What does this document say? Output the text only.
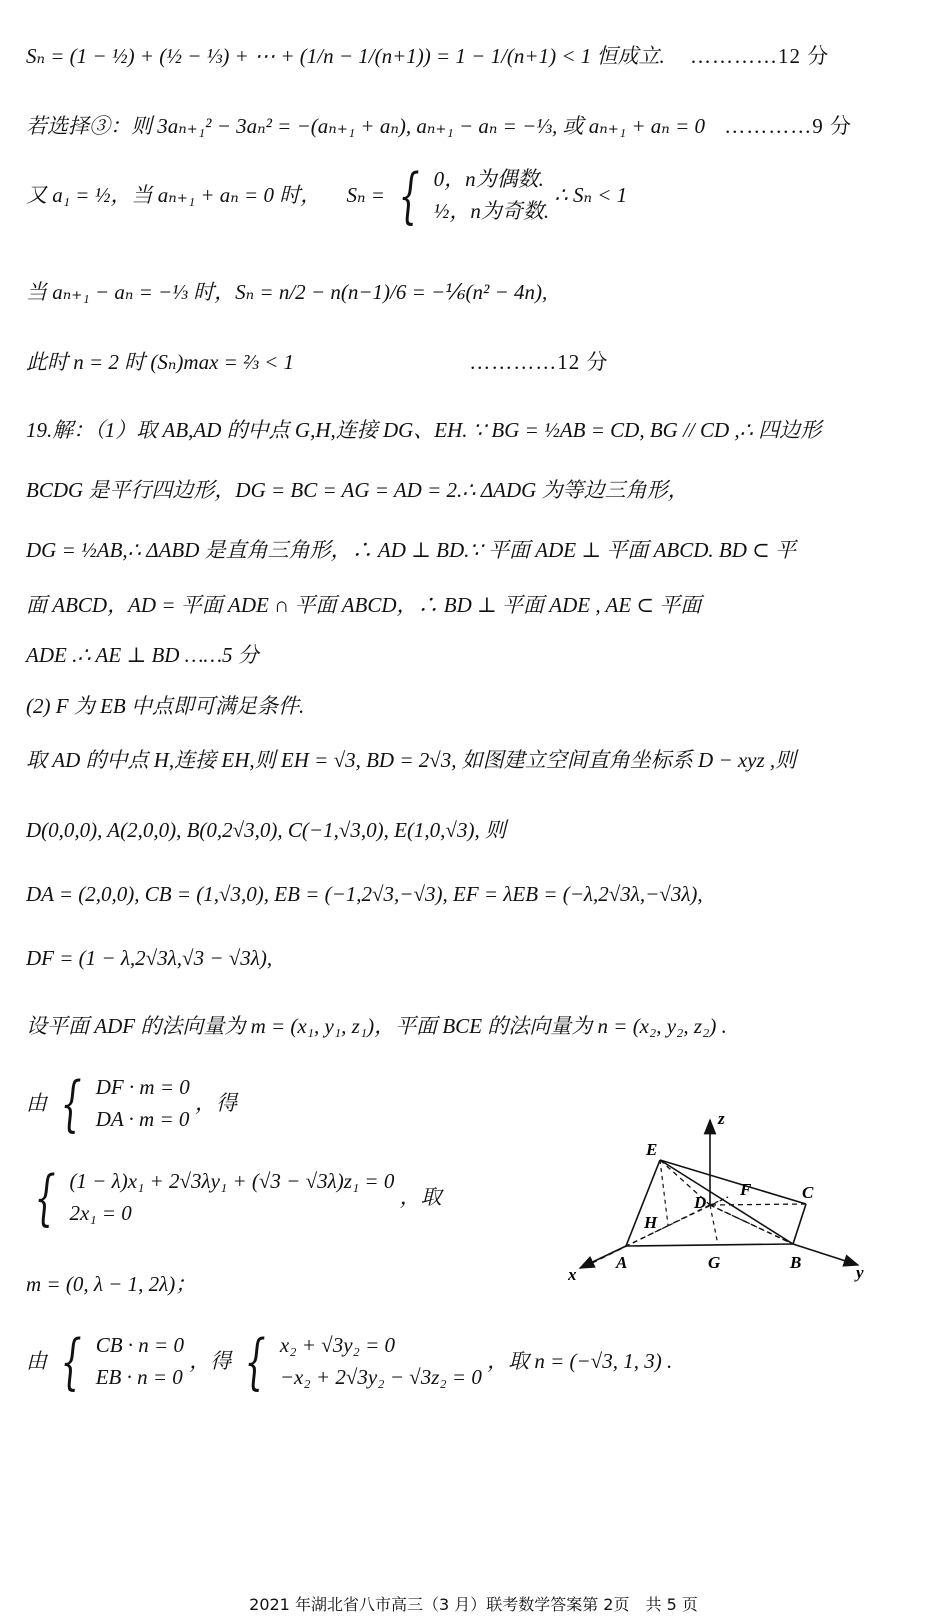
Sₙ = (1 − ½) + (½ − ⅓) + ⋯ + (1/n − 1/(n+1)) = 1 − 1/(n+1) < 1 恒成立. …………12 分
若选择③：则 3aₙ₊₁² − 3aₙ² = −(aₙ₊₁ + aₙ), aₙ₊₁ − aₙ = −⅓, 或 aₙ₊₁ + aₙ = 0 …………9 分
又 a₁ = ½，当 aₙ₊₁ + aₙ = 0 时， Sₙ = { 0，n为偶数.
½，n为奇数.
∴ Sₙ < 1
当 aₙ₊₁ − aₙ = −⅓ 时，Sₙ = n/2 − n(n−1)/6 = −⅙(n² − 4n),
此时 n = 2 时 (Sₙ)max = ⅔ < 1	…………12 分
19.解：（1）取 AB,AD 的中点 G,H,连接 DG、EH. ∵ BG = ½AB = CD, BG // CD ,∴ 四边形
BCDG 是平行四边形，DG = BC = AG = AD = 2.∴ ΔADG 为等边三角形，
DG = ½AB,∴ ΔABD 是直角三角形，∴ AD ⊥ BD.∵ 平面 ADE ⊥ 平面 ABCD. BD ⊂ 平
面 ABCD，AD = 平面 ADE ∩ 平面 ABCD，∴ BD ⊥ 平面 ADE , AE ⊂ 平面
ADE .∴ AE ⊥ BD ……5 分
(2) F 为 EB 中点即可满足条件.
取 AD 的中点 H,连接 EH,则 EH = √3, BD = 2√3, 如图建立空间直角坐标系 D − xyz ,则
D(0,0,0), A(2,0,0), B(0,2√3,0), C(−1,√3,0), E(1,0,√3), 则
DA = (2,0,0), CB = (1,√3,0), EB = (−1,2√3,−√3), EF = λEB = (−λ,2√3λ,−√3λ),
DF = (1 − λ,2√3λ,√3 − √3λ),
设平面 ADF 的法向量为 m = (x₁, y₁, z₁)，平面 BCE 的法向量为 n = (x₂, y₂, z₂) .
由 { DF · m = 0
DA · m = 0
，得
{ (1 − λ)x₁ + 2√3λy₁ + (√3 − √3λ)z₁ = 0
2x₁ = 0
，取
m = (0, λ − 1, 2λ)；
由 { CB · n = 0
EB · n = 0
，得 { x₂ + √3y₂ = 0
−x₂ + 2√3y₂ − √3z₂ = 0
，取 n = (−√3, 1, 3) .
z
E
F	C
D
H
x
A	G	B
y
2021 年湖北省八市高三（3 月）联考数学答案第 2页　共 5 页
